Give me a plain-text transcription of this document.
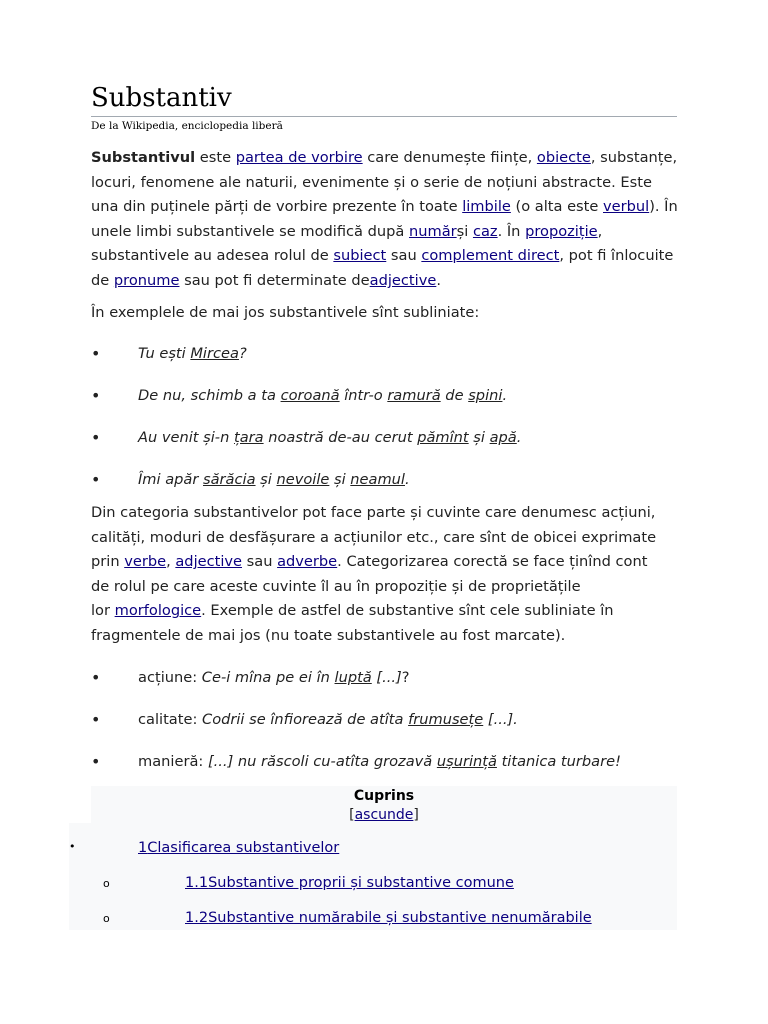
Substantiv
De la Wikipedia, enciclopedia liberă

Substantivul este partea de vorbire care denumește ființe, obiecte, substanțe,
locuri, fenomene ale naturii, evenimente și o serie de noțiuni abstracte. Este
una din puținele părți de vorbire prezente în toate limbile (o alta este verbul). În
unele limbi substantivele se modifică după numărși caz. În propoziție,
substantivele au adesea rolul de subiect sau complement direct, pot fi înlocuite
de pronume sau pot fi determinate deadjective.

În exemplele de mai jos substantivele sînt subliniate:

•	Tu ești Mircea?
•	De nu, schimb a ta coroană într-o ramură de spini.
•	Au venit și-n țara noastră de-au cerut pămînt și apă.
•	Îmi apăr sărăcia și nevoile și neamul.

Din categoria substantivelor pot face parte și cuvinte care denumesc acțiuni,
calități, moduri de desfășurare a acțiunilor etc., care sînt de obicei exprimate
prin verbe, adjective sau adverbe. Categorizarea corectă se face ținînd cont
de rolul pe care aceste cuvinte îl au în propoziție și de proprietățile
lor morfologice. Exemple de astfel de substantive sînt cele subliniate în
fragmentele de mai jos (nu toate substantivele au fost marcate).

•	acțiune: Ce-i mîna pe ei în luptă [...]?
•	calitate: Codrii se înfiorează de atîta frumusețe [...].
•	manieră: [...] nu răscoli cu-atîta grozavă ușurință titanica turbare!
Cuprins
[ascunde]
•	1Clasificarea substantivelor
o	1.1Substantive proprii și substantive comune
o	1.2Substantive numărabile și substantive nenumărabile
